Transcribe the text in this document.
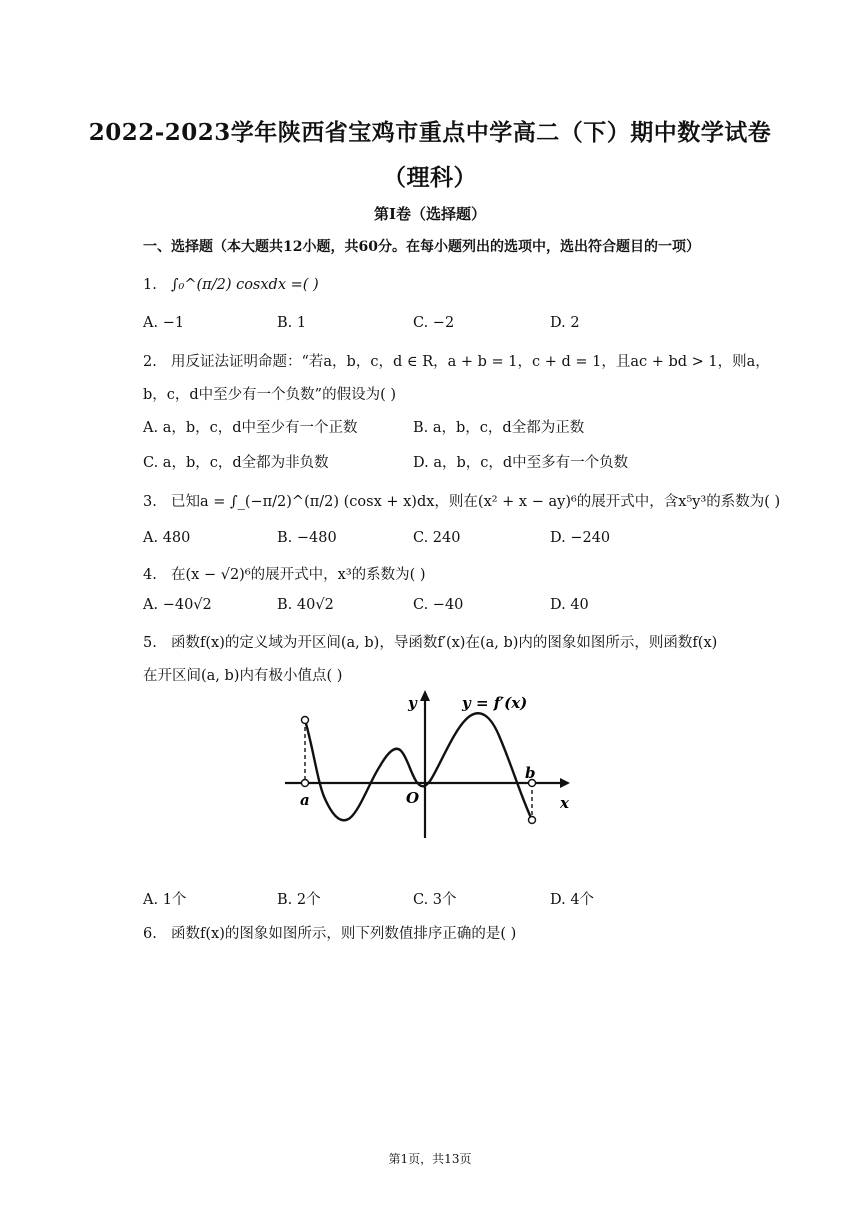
2022-2023学年陕西省宝鸡市重点中学高二（下）期中数学试卷
（理科）
第I卷（选择题）
一、选择题（本大题共12小题，共60分。在每小题列出的选项中，选出符合题目的一项）
1. ∫₀^(π/2) cosxdx =( )
A. −1	B. 1	C. −2	D. 2
2. 用反证法证明命题：“若a，b，c，d ∈ R，a + b = 1，c + d = 1，且ac + bd > 1，则a，
b，c，d中至少有一个负数”的假设为( )
A. a，b，c，d中至少有一个正数	B. a，b，c，d全都为正数
C. a，b，c，d全都为非负数	D. a，b，c，d中至多有一个负数
3. 已知a = ∫_(−π/2)^(π/2) (cosx + x)dx，则在(x² + x − ay)⁶的展开式中，含x⁵y³的系数为( )
A. 480	B. −480	C. 240	D. −240
4. 在(x − √2)⁶的展开式中，x³的系数为( )
A. −40√2	B. 40√2	C. −40	D. 40
5. 函数f(x)的定义域为开区间(a, b)，导函数f′(x)在(a, b)内的图象如图所示，则函数f(x)
在开区间(a, b)内有极小值点( )
y
x
y = f′(x)
a
b
O
A. 1个	B. 2个	C. 3个	D. 4个
6. 函数f(x)的图象如图所示，则下列数值排序正确的是( )
第1页，共13页
